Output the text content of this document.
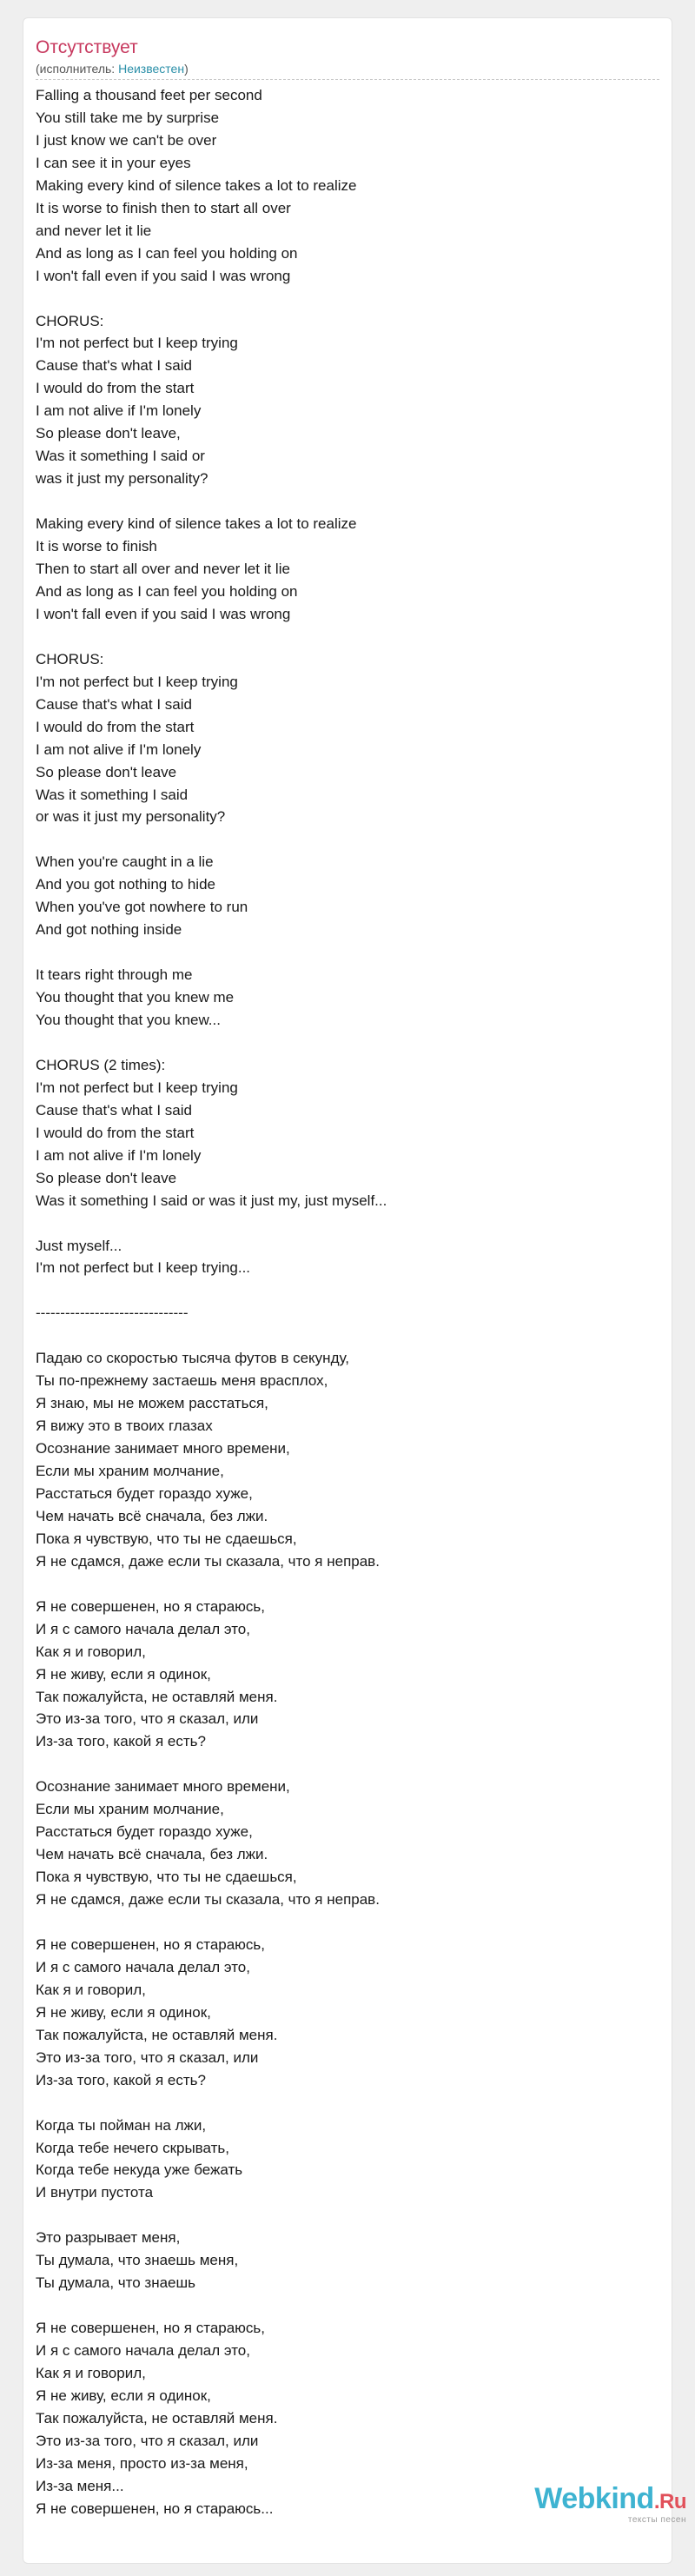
Отсутствует
(исполнитель: Неизвестен)
Falling a thousand feet per second
You still take me by surprise
I just know we can't be over
I can see it in your eyes
Making every kind of silence takes a lot to realize
It is worse to finish then to start all over
and never let it lie
And as long as I can feel you holding on
I won't fall even if you said I was wrong
CHORUS:
I'm not perfect but I keep trying
Cause that's what I said
I would do from the start
I am not alive if I'm lonely
So please don't leave,
Was it something I said or
was it just my personality?
Making every kind of silence takes a lot to realize
It is worse to finish
Then to start all over and never let it lie
And as long as I can feel you holding on
I won't fall even if you said I was wrong
CHORUS:
I'm not perfect but I keep trying
Cause that's what I said
I would do from the start
I am not alive if I'm lonely
So please don't leave
Was it something I said
or was it just my personality?
When you're caught in a lie
And you got nothing to hide
When you've got nowhere to run
And got nothing inside
It tears right through me
You thought that you knew me
You thought that you knew...
CHORUS (2 times):
I'm not perfect but I keep trying
Cause that's what I said
I would do from the start
I am not alive if I'm lonely
So please don't leave
Was it something I said or was it just my, just myself...
Just myself...
I'm not perfect but I keep trying...
-------------------------------
Падаю со скоростью тысяча футов в секунду,
Ты по-прежнему застаешь меня врасплох,
Я знаю, мы не можем расстаться,
Я вижу это в твоих глазах
Осознание занимает много времени,
Если мы храним молчание,
Расстаться будет гораздо хуже,
Чем начать всё сначала, без лжи.
Пока я чувствую, что ты не сдаешься,
Я не сдамся, даже если ты сказала, что я неправ.
Я не совершенен, но я стараюсь,
И я с самого начала делал это,
Как я и говорил,
Я не живу, если я одинок,
Так пожалуйста, не оставляй меня.
Это из-за того, что я сказал, или
Из-за того, какой я есть?
Осознание занимает много времени,
Если мы храним молчание,
Расстаться будет гораздо хуже,
Чем начать всё сначала, без лжи.
Пока я чувствую, что ты не сдаешься,
Я не сдамся, даже если ты сказала, что я неправ.
Я не совершенен, но я стараюсь,
И я с самого начала делал это,
Как я и говорил,
Я не живу, если я одинок,
Так пожалуйста, не оставляй меня.
Это из-за того, что я сказал, или
Из-за того, какой я есть?
Когда ты пойман на лжи,
Когда тебе нечего скрывать,
Когда тебе некуда уже бежать
И внутри пустота
Это разрывает меня,
Ты думала, что знаешь меня,
Ты думала, что знаешь
Я не совершенен, но я стараюсь,
И я с самого начала делал это,
Как я и говорил,
Я не живу, если я одинок,
Так пожалуйста, не оставляй меня.
Это из-за того, что я сказал, или
Из-за меня, просто из-за меня,
Из-за меня...
Я не совершенен, но я стараюсь...	Webkind.Ru
тексты песен
